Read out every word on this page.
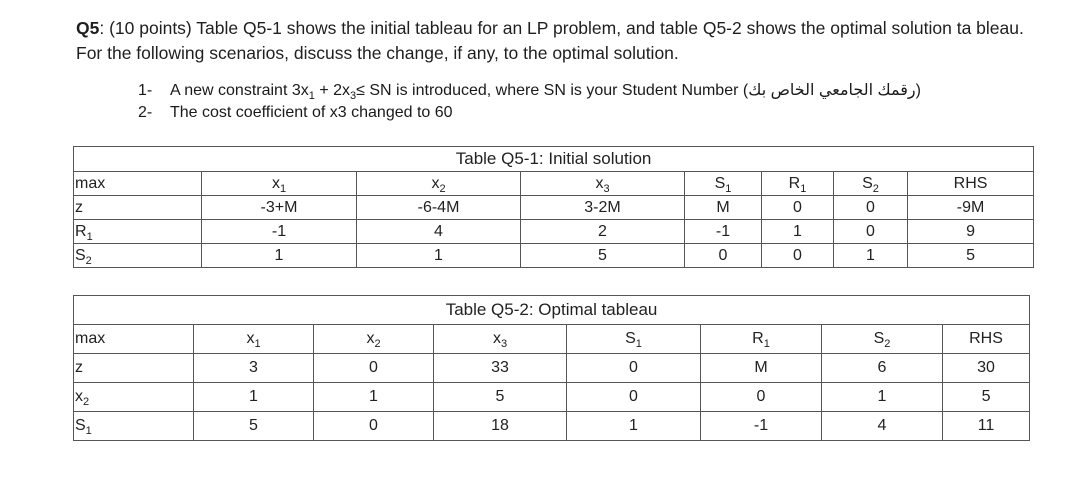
Q5: (10 points) Table Q5-1 shows the initial tableau for an LP problem, and table Q5-2 shows the optimal solution ta bleau. For the following scenarios, discuss the change, if any, to the optimal solution.
1-	A new constraint $3x_1 + 2x_3\le$ SN is introduced, where SN is your Student Number (رقمك الجامعي الخاص بك)
2-	The cost coefficient of x3 changed to 60
Table Q5-1: Initial solution							
max	$x_1$	$x_2$	$x_3$	$S_1$	$R_1$	$S_2$	RHS
z	-3+M	-6-4M	3-2M	M	0	0	-9M
$R_1$	-1	4	2	-1	1	0	9
$S_2$	1	1	5	0	0	1	5
Table Q5-2: Optimal tableau							
max	$x_1$	$x_2$	$x_3$	$S_1$	$R_1$	$S_2$	RHS
z	3	0	33	0	M	6	30
$x_2$	1	1	5	0	0	1	5
$S_1$	5	0	18	1	-1	4	11
